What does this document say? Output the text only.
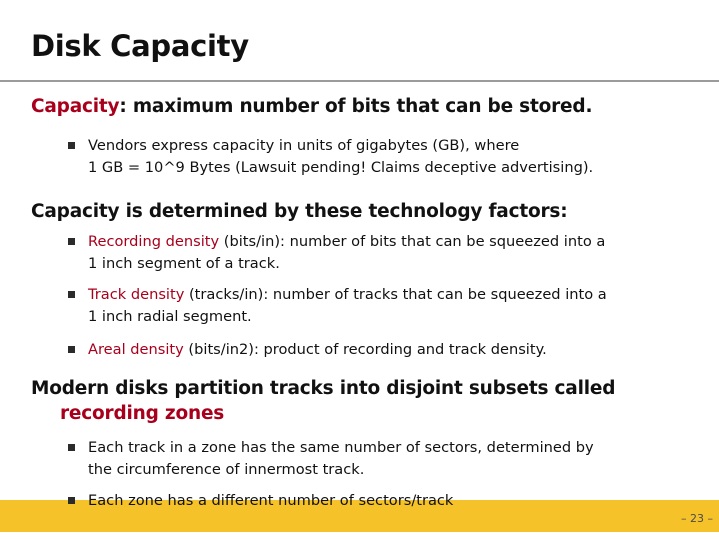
Disk Capacity
Capacity: maximum number of bits that can be stored.
Vendors express capacity in units of gigabytes (GB), where
1 GB = 10^9 Bytes (Lawsuit pending! Claims deceptive advertising).
Capacity is determined by these technology factors:
Recording density (bits/in): number of bits that can be squeezed into a
1 inch segment of a track.
Track density (tracks/in): number of tracks that can be squeezed into a
1 inch radial segment.
Areal density (bits/in2): product of recording and track density.
Modern disks partition tracks into disjoint subsets called
recording zones
Each track in a zone has the same number of sectors, determined by
the circumference of innermost track.
Each zone has a different number of sectors/track
– 23 –
